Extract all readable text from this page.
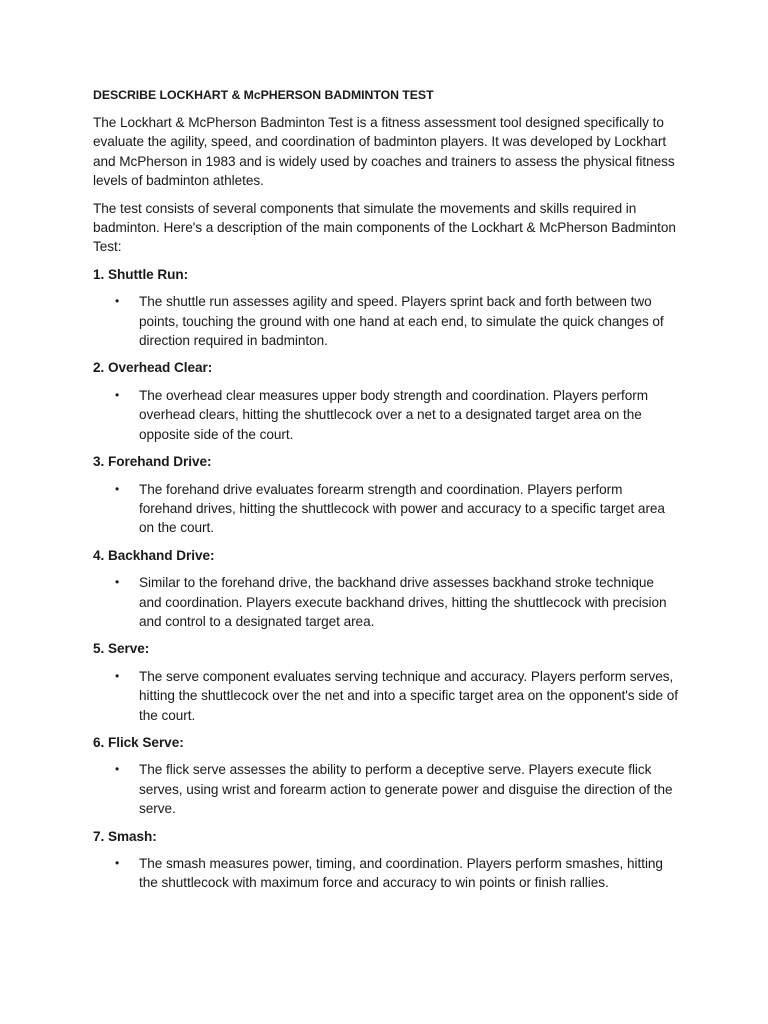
DESCRIBE LOCKHART & McPHERSON BADMINTON TEST

The Lockhart & McPherson Badminton Test is a fitness assessment tool designed specifically to evaluate the agility, speed, and coordination of badminton players. It was developed by Lockhart and McPherson in 1983 and is widely used by coaches and trainers to assess the physical fitness levels of badminton athletes.

The test consists of several components that simulate the movements and skills required in badminton. Here's a description of the main components of the Lockhart & McPherson Badminton Test:

1. Shuttle Run:
• The shuttle run assesses agility and speed. Players sprint back and forth between two points, touching the ground with one hand at each end, to simulate the quick changes of direction required in badminton.
2. Overhead Clear:
• The overhead clear measures upper body strength and coordination. Players perform overhead clears, hitting the shuttlecock over a net to a designated target area on the opposite side of the court.
3. Forehand Drive:
• The forehand drive evaluates forearm strength and coordination. Players perform forehand drives, hitting the shuttlecock with power and accuracy to a specific target area on the court.
4. Backhand Drive:
• Similar to the forehand drive, the backhand drive assesses backhand stroke technique and coordination. Players execute backhand drives, hitting the shuttlecock with precision and control to a designated target area.
5. Serve:
• The serve component evaluates serving technique and accuracy. Players perform serves, hitting the shuttlecock over the net and into a specific target area on the opponent's side of the court.
6. Flick Serve:
• The flick serve assesses the ability to perform a deceptive serve. Players execute flick serves, using wrist and forearm action to generate power and disguise the direction of the serve.
7. Smash:
• The smash measures power, timing, and coordination. Players perform smashes, hitting the shuttlecock with maximum force and accuracy to win points or finish rallies.
